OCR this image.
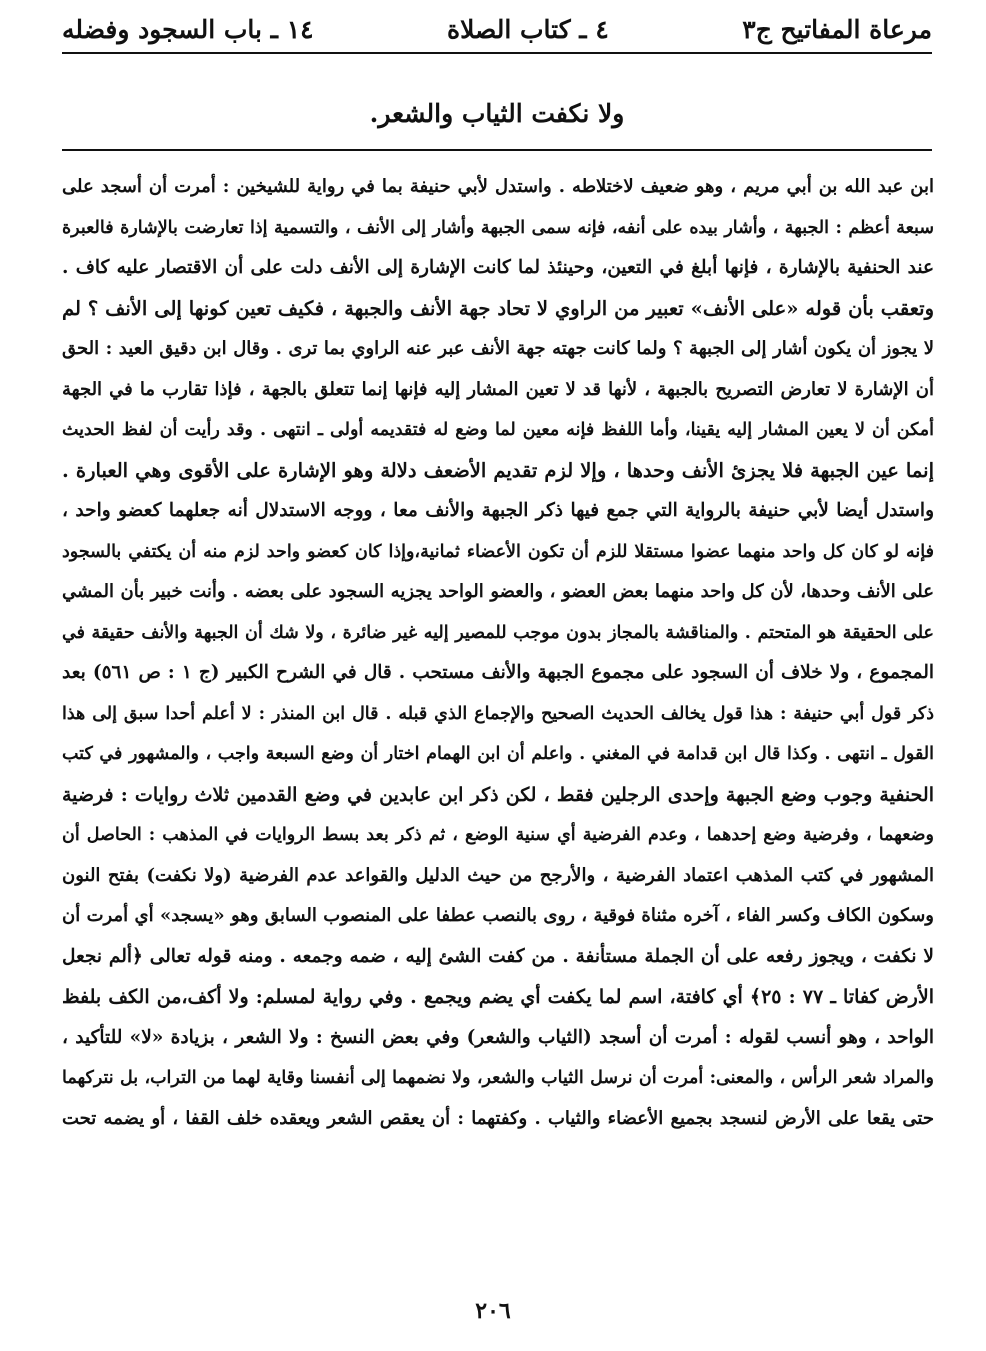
مرعاة المفاتيح ج٣
٤ ـ كتاب الصلاة
١٤ ـ باب السجود وفضله
ولا نكفت الثياب والشعر.
ابن عبد الله بن أبي مريم ، وهو ضعيف لاختلاطه . واستدل لأبي حنيفة بما في رواية للشيخين : أمرت أن أسجد على
سبعة أعظم : الجبهة ، وأشار بيده على أنفه، فإنه سمى الجبهة وأشار إلى الأنف ، والتسمية إذا تعارضت بالإشارة فالعبرة
عند الحنفية بالإشارة ، فإنها أبلغ في التعين، وحينئذ لما كانت الإشارة إلى الأنف دلت على أن الاقتصار عليه كاف .
وتعقب بأن قوله «على الأنف» تعبير من الراوي لا تحاد جهة الأنف والجبهة ، فكيف تعين كونها إلى الأنف ؟ لم
لا يجوز أن يكون أشار إلى الجبهة ؟ ولما كانت جهته جهة الأنف عبر عنه الراوي بما ترى . وقال ابن دقيق العيد : الحق
أن الإشارة لا تعارض التصريح بالجبهة ، لأنها قد لا تعين المشار إليه فإنها إنما تتعلق بالجهة ، فإذا تقارب ما في الجهة
أمكن أن لا يعين المشار إليه يقينا، وأما اللفظ فإنه معين لما وضع له فتقديمه أولى ـ انتهى . وقد رأيت أن لفظ الحديث
إنما عين الجبهة فلا يجزئ الأنف وحدها ، وإلا لزم تقديم الأضعف دلالة وهو الإشارة على الأقوى وهي العبارة .
واستدل أيضا لأبي حنيفة بالرواية التي جمع فيها ذكر الجبهة والأنف معا ، ووجه الاستدلال أنه جعلهما كعضو واحد ،
فإنه لو كان كل واحد منهما عضوا مستقلا للزم أن تكون الأعضاء ثمانية،وإذا كان كعضو واحد لزم منه أن يكتفي بالسجود
على الأنف وحدها، لأن كل واحد منهما بعض العضو ، والعضو الواحد يجزيه السجود على بعضه . وأنت خبير بأن المشي
على الحقيقة هو المتحتم . والمناقشة بالمجاز بدون موجب للمصير إليه غير ضائرة ، ولا شك أن الجبهة والأنف حقيقة في
المجموع ، ولا خلاف أن السجود على مجموع الجبهة والأنف مستحب . قال في الشرح الكبير (ج ١ : ص ٥٦١) بعد
ذكر قول أبي حنيفة : هذا قول يخالف الحديث الصحيح والإجماع الذي قبله . قال ابن المنذر : لا أعلم أحدا سبق إلى هذا
القول ـ انتهى . وكذا قال ابن قدامة في المغني . واعلم أن ابن الهمام اختار أن وضع السبعة واجب ، والمشهور في كتب
الحنفية وجوب وضع الجبهة وإحدى الرجلين فقط ، لكن ذكر ابن عابدين في وضع القدمين ثلاث روايات : فرضية
وضعهما ، وفرضية وضع إحدهما ، وعدم الفرضية أي سنية الوضع ، ثم ذكر بعد بسط الروايات في المذهب : الحاصل أن
المشهور في كتب المذهب اعتماد الفرضية ، والأرجح من حيث الدليل والقواعد عدم الفرضية (ولا نكفت) بفتح النون
وسكون الكاف وكسر الفاء ، آخره مثناة فوقية ، روى بالنصب عطفا على المنصوب السابق وهو «يسجد» أي أمرت أن
لا نكفت ، ويجوز رفعه على أن الجملة مستأنفة . من كفت الشئ إليه ، ضمه وجمعه . ومنه قوله تعالى ﴿ألم نجعل
الأرض كفاتا ـ ٧٧ : ٢٥﴾ أي كافتة، اسم لما يكفت أي يضم ويجمع . وفي رواية لمسلم: ولا أكف،من الكف بلفظ
الواحد ، وهو أنسب لقوله : أمرت أن أسجد (الثياب والشعر) وفي بعض النسخ : ولا الشعر ، بزيادة «لا» للتأكيد ،
والمراد شعر الرأس ، والمعنى: أمرت أن نرسل الثياب والشعر، ولا نضمهما إلى أنفسنا وقاية لهما من التراب، بل نتركهما
حتى يقعا على الأرض لنسجد بجميع الأعضاء والثياب . وكفتهما : أن يعقص الشعر ويعقده خلف القفا ، أو يضمه تحت
٢٠٦
